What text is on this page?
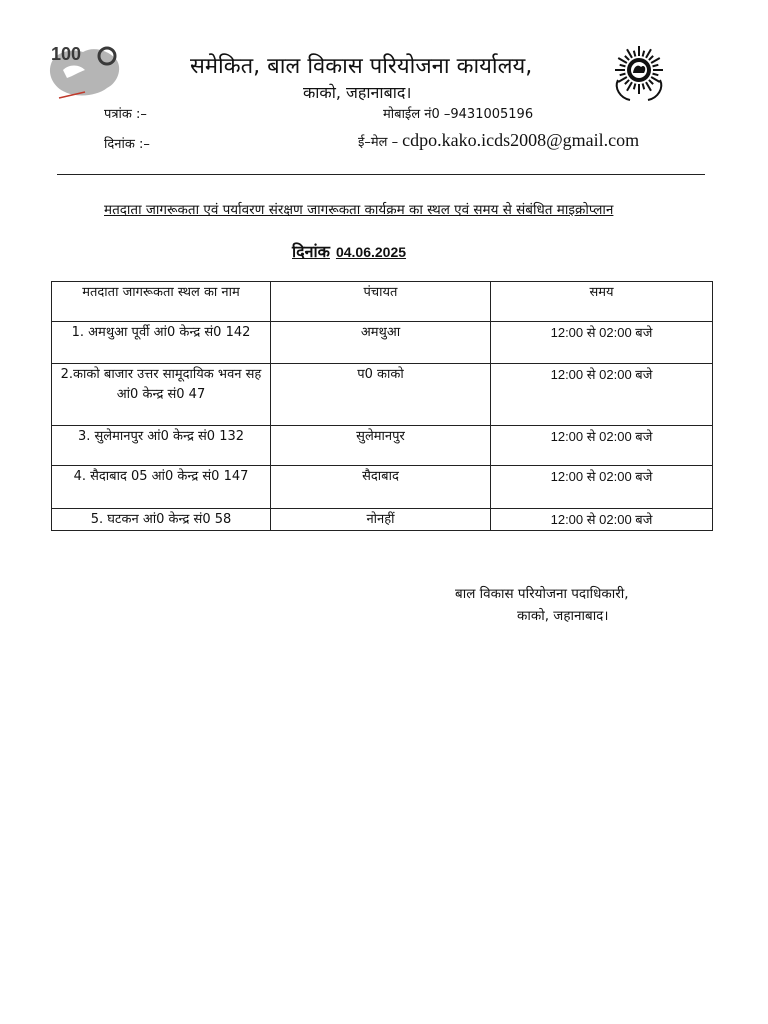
100	समेकित, बाल विकास परियोजना कार्यालय,
काको, जहानाबाद।
पत्रांक :–	मोबाईल नं0 –9431005196
दिनांक :–	ई–मेल – cdpo.kako.icds2008@gmail.com
मतदाता जागरूकता एवं पर्यावरण संरक्षण जागरूकता कार्यक्रम का स्थल एवं समय से संबंधित माइक्रोप्लान
दिनांक 04.06.2025
मतदाता जागरूकता स्थल का नाम	पंचायत	समय
1. अमथुआ पूर्वी आं0 केन्द्र सं0 142	अमथुआ	12:00 से 02:00 बजे
2.काको बाजार उत्तर सामूदायिक भवन सह आं0 केन्द्र सं0 47	प0 काको	12:00 से 02:00 बजे
3. सुलेमानपुर आं0 केन्द्र सं0 132	सुलेमानपुर	12:00 से 02:00 बजे
4. सैदाबाद 05 आं0 केन्द्र सं0 147	सैदाबाद	12:00 से 02:00 बजे
5. घटकन आं0 केन्द्र सं0 58	नोनहीं	12:00 से 02:00 बजे
बाल विकास परियोजना पदाधिकारी,
काको, जहानाबाद।
